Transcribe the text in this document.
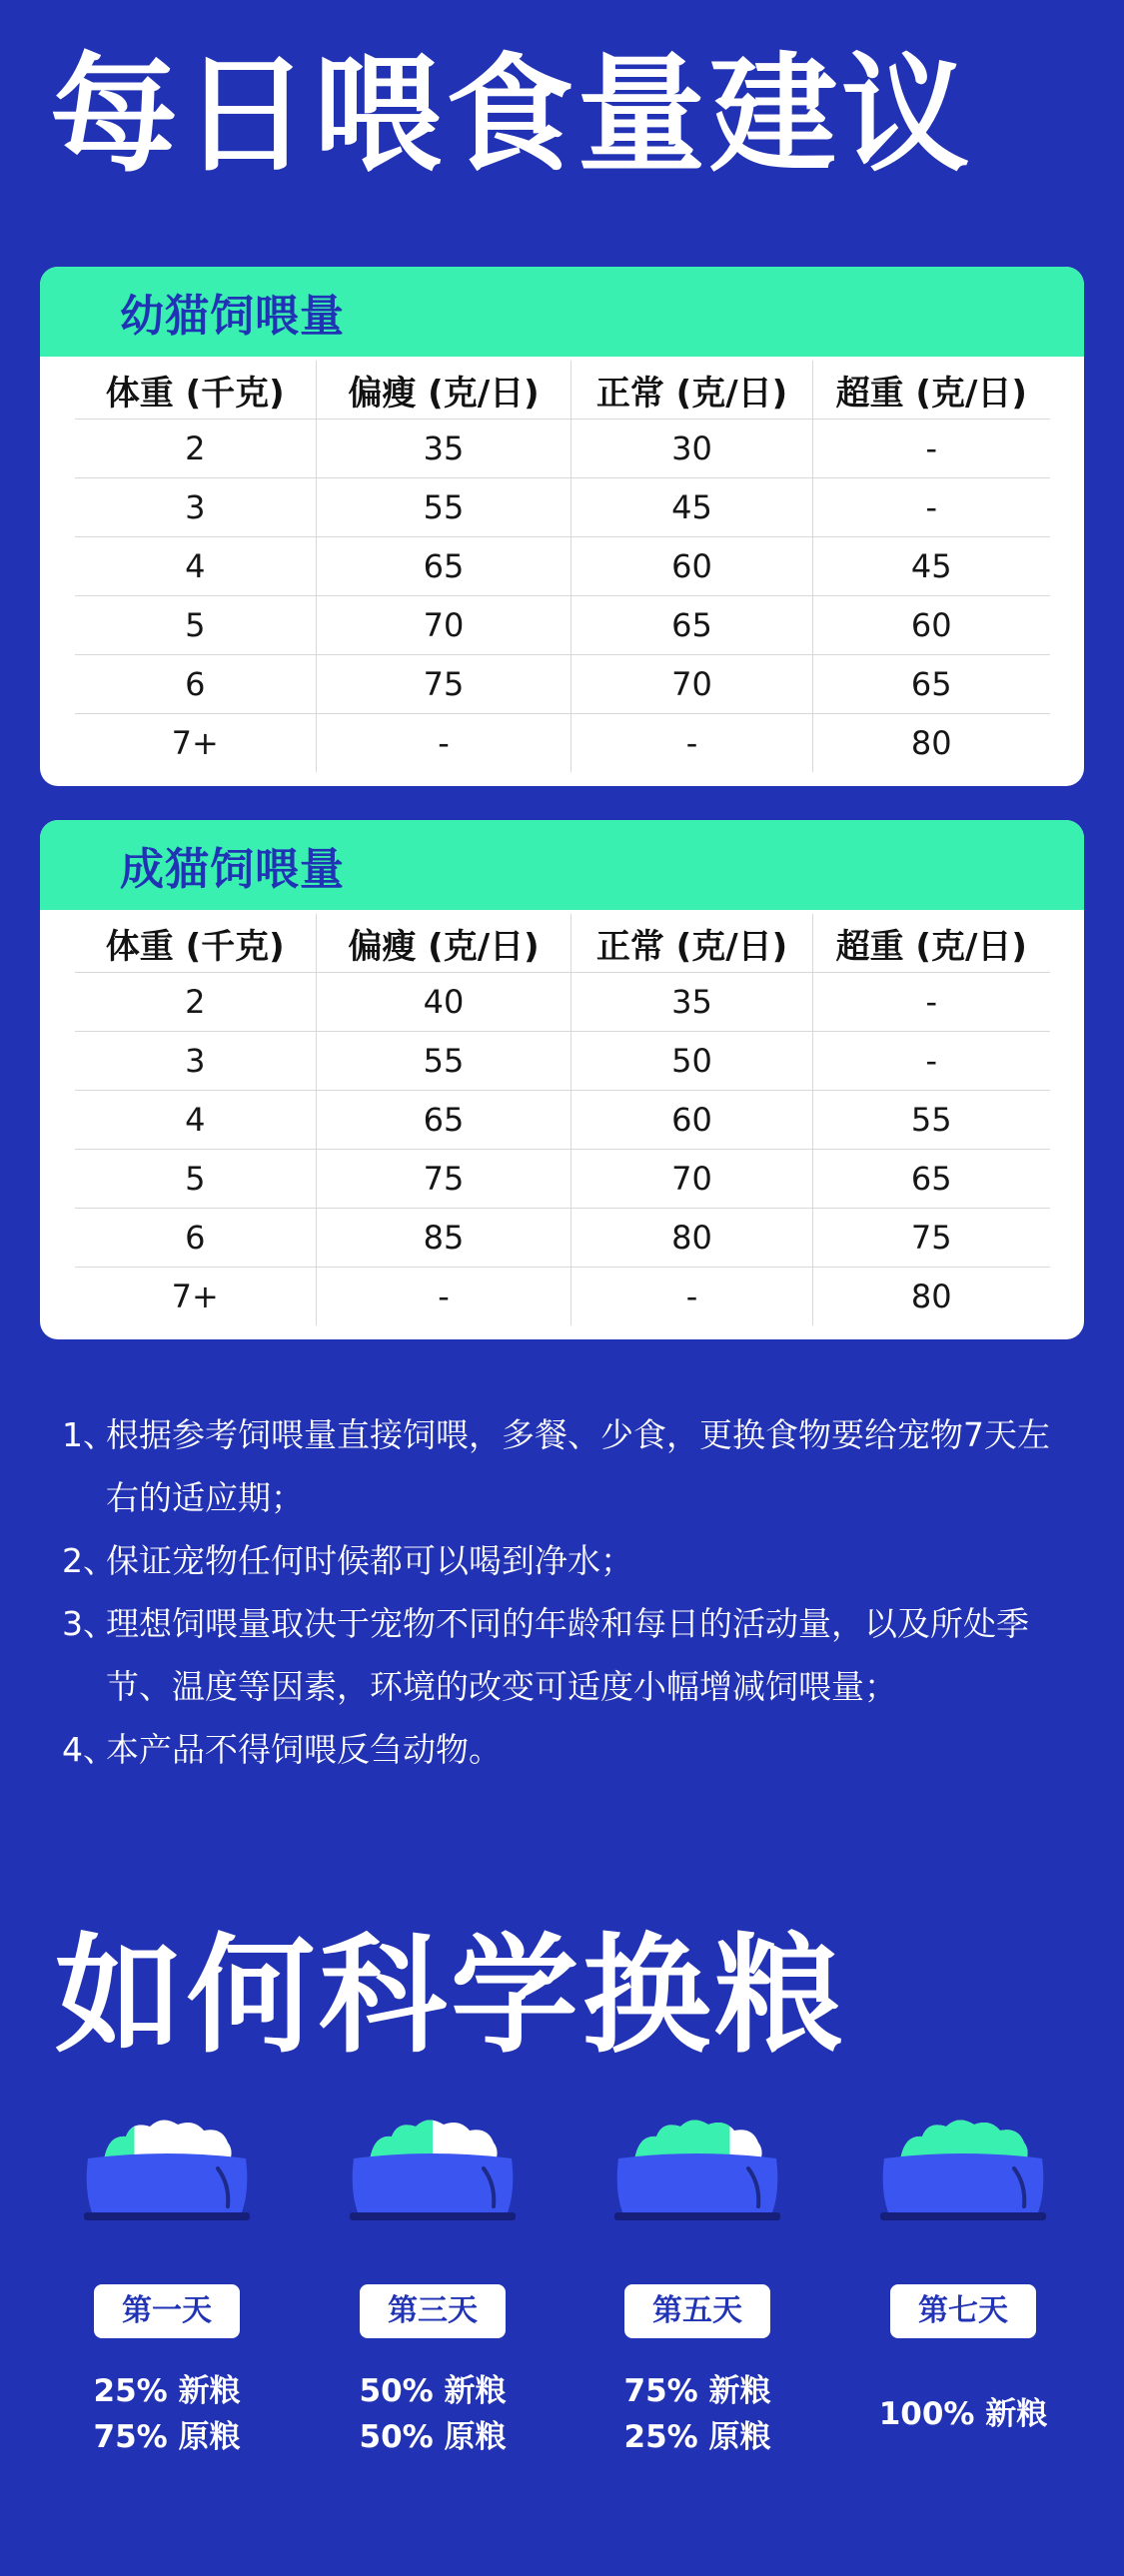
每日喂食量建议
幼猫饲喂量
体重 (千克)	偏瘦 (克/日)	正常 (克/日)	超重 (克/日)
2	35	30	-
3	55	45	-
4	65	60	45
5	70	65	60
6	75	70	65
7+	-	-	80
成猫饲喂量
体重 (千克)	偏瘦 (克/日)	正常 (克/日)	超重 (克/日)
2	40	35	-
3	55	50	-
4	65	60	55
5	75	70	65
6	85	80	75
7+	-	-	80
1、
根据参考饲喂量直接饲喂，多餐、少食，更换食物要给宠物7天左右的适应期；
2、
保证宠物任何时候都可以喝到净水；
3、
理想饲喂量取决于宠物不同的年龄和每日的活动量，以及所处季节、温度等因素，环境的改变可适度小幅增减饲喂量；
4、
本产品不得饲喂反刍动物。
如何科学换粮
第一天
25% 新粮
75% 原粮
第三天
50% 新粮
50% 原粮
第五天
75% 新粮
25% 原粮
第七天
100% 新粮
